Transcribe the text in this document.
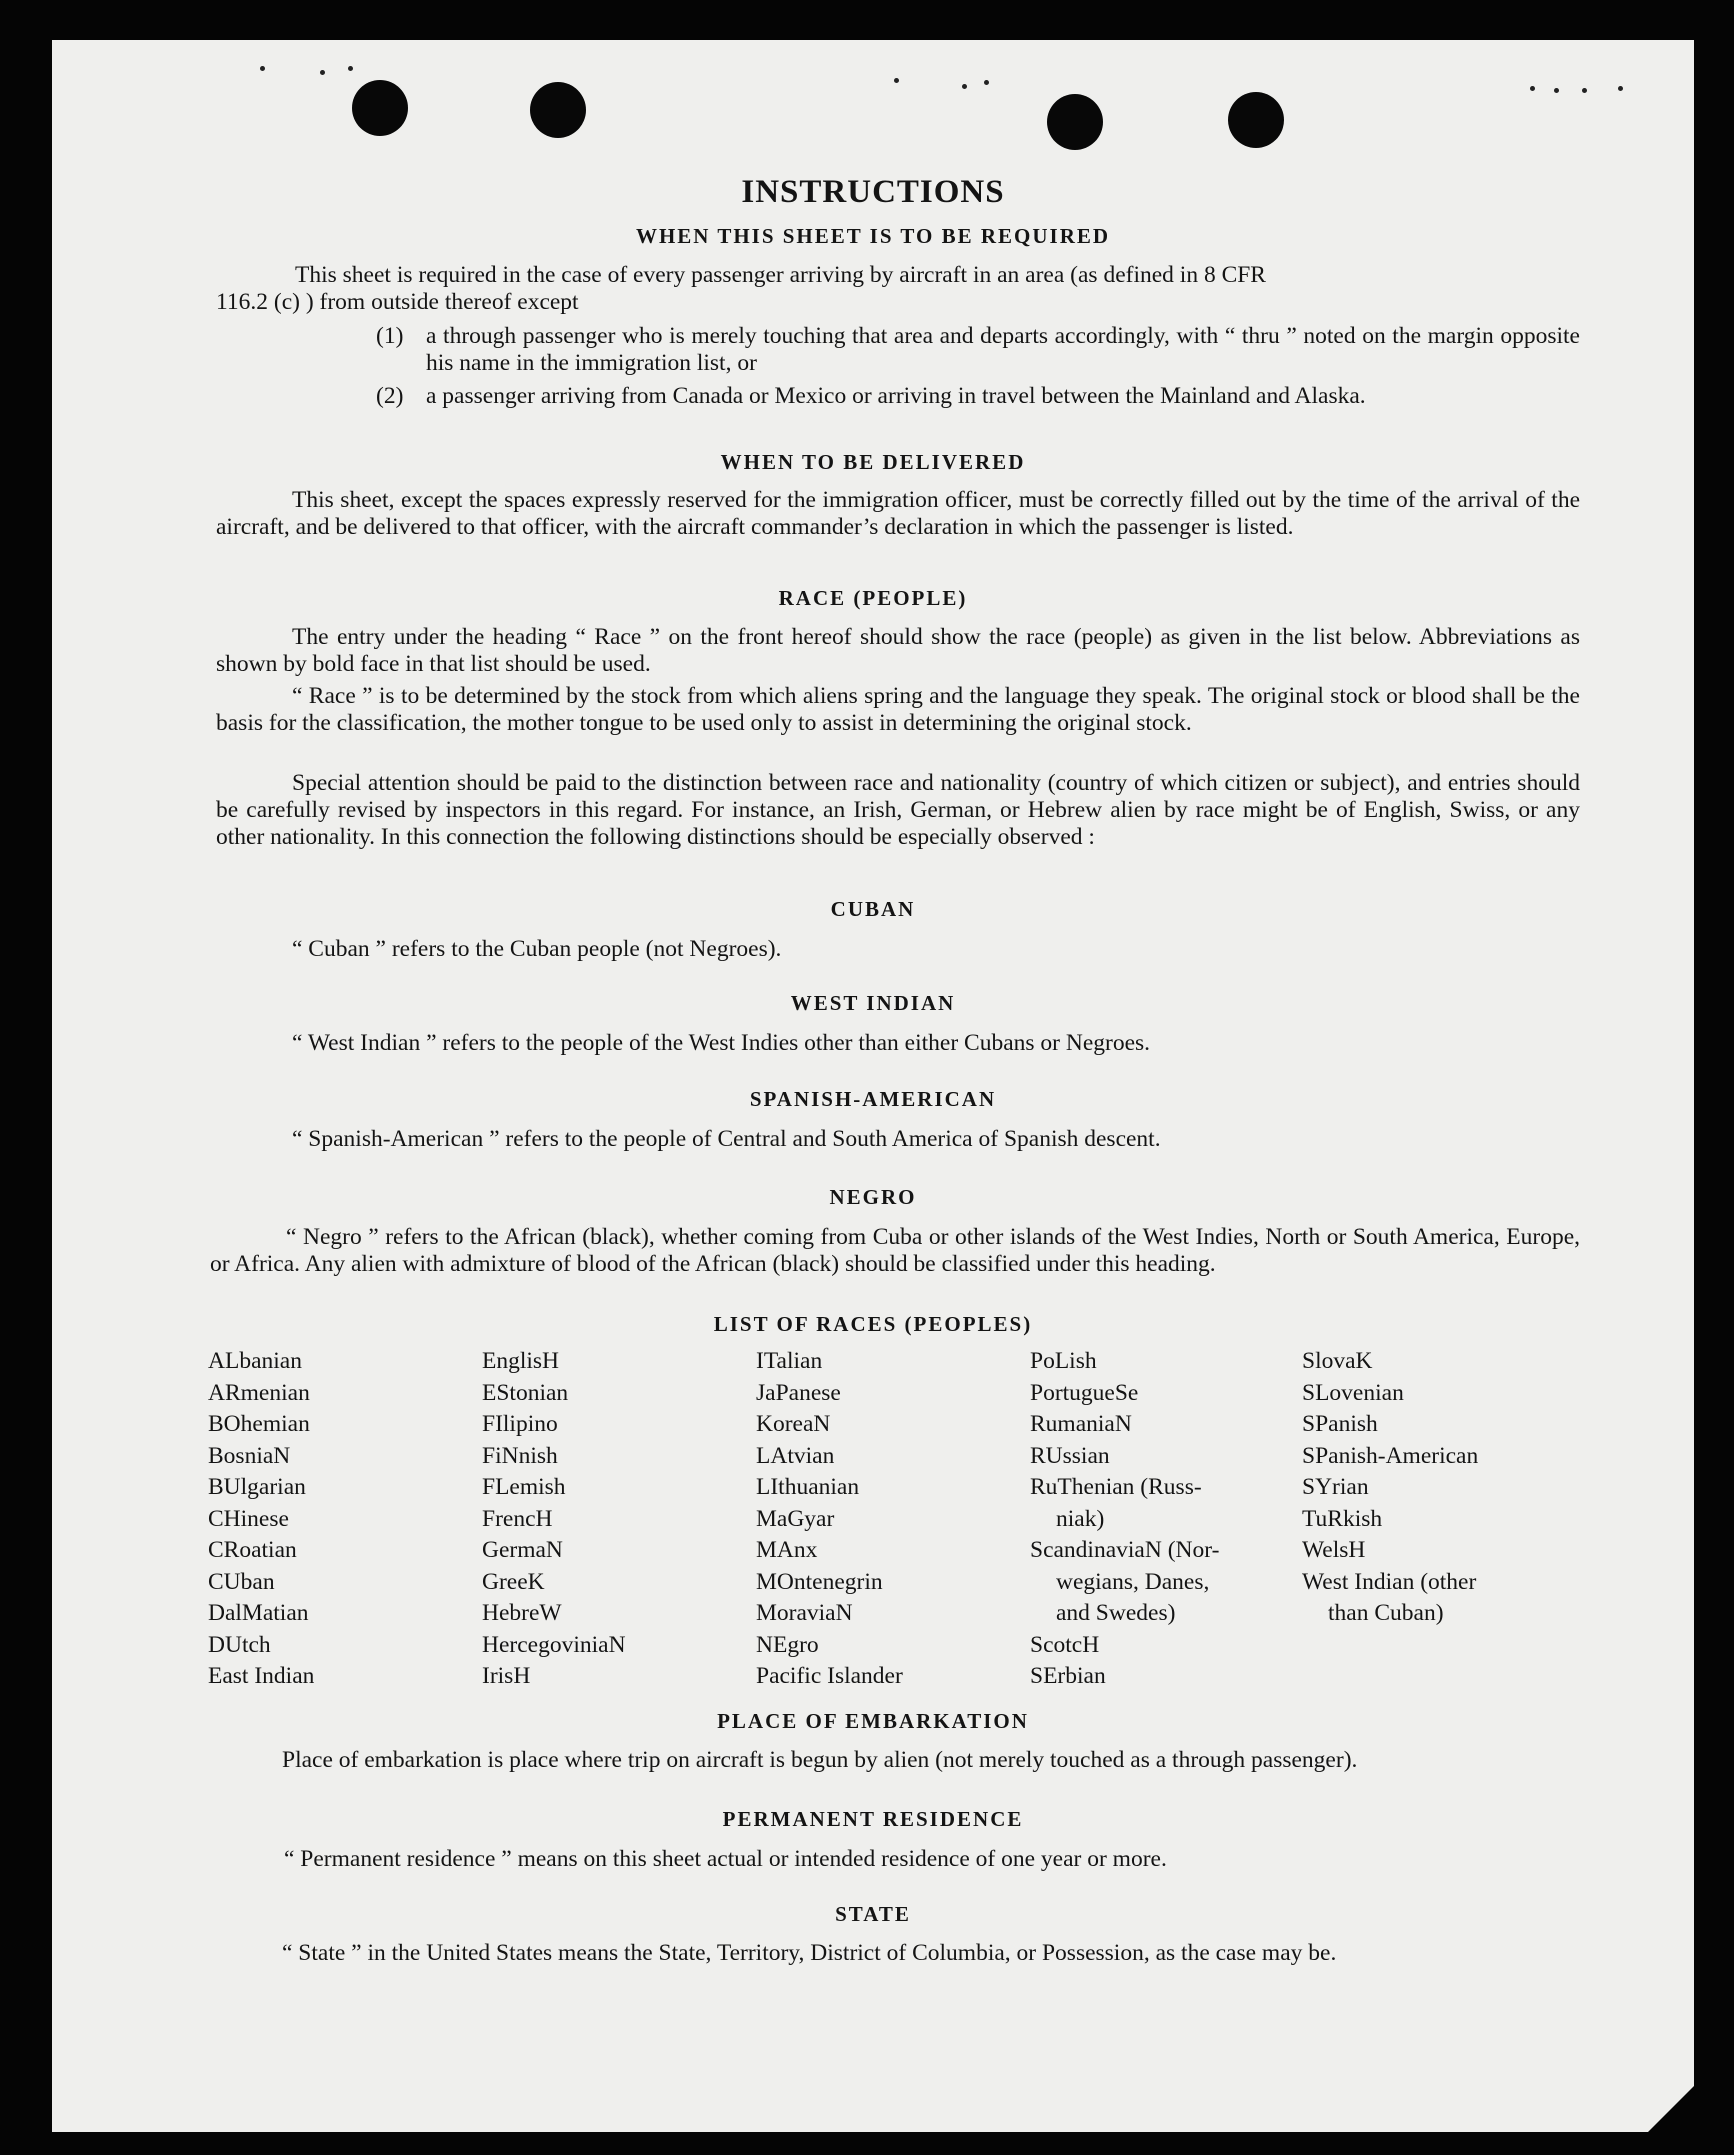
INSTRUCTIONS
WHEN THIS SHEET IS TO BE REQUIRED
This sheet is required in the case of every passenger arriving by aircraft in an area (as defined in 8 CFR
116.2 (c) ) from outside thereof except
(1) a through passenger who is merely touching that area and departs accordingly, with “ thru ” noted on the margin opposite his name in the immigration list, or
(2) a passenger arriving from Canada or Mexico or arriving in travel between the Mainland and Alaska.
WHEN TO BE DELIVERED
This sheet, except the spaces expressly reserved for the immigration officer, must be correctly filled out by the time of the arrival of the aircraft, and be delivered to that officer, with the aircraft commander’s declaration in which the passenger is listed.
RACE (PEOPLE)
The entry under the heading “ Race ” on the front hereof should show the race (people) as given in the list below. Abbreviations as shown by bold face in that list should be used.
“ Race ” is to be determined by the stock from which aliens spring and the language they speak. The original stock or blood shall be the basis for the classification, the mother tongue to be used only to assist in determining the original stock.
Special attention should be paid to the distinction between race and nationality (country of which citizen or subject), and entries should be carefully revised by inspectors in this regard. For instance, an Irish, German, or Hebrew alien by race might be of English, Swiss, or any other nationality. In this connection the following distinctions should be especially observed :
CUBAN
“ Cuban ” refers to the Cuban people (not Negroes).
WEST INDIAN
“ West Indian ” refers to the people of the West Indies other than either Cubans or Negroes.
SPANISH-AMERICAN
“ Spanish-American ” refers to the people of Central and South America of Spanish descent.
NEGRO
“ Negro ” refers to the African (black), whether coming from Cuba or other islands of the West Indies, North or South America, Europe, or Africa. Any alien with admixture of blood of the African (black) should be classified under this heading.
LIST OF RACES (PEOPLES)
ALbanian
ARmenian
BOhemian
BosniaN
BUlgarian
CHinese
CRoatian
CUban
DalMatian
DUtch
East Indian
EnglisH
EStonian
FIlipino
FiNnish
FLemish
FrencH
GermaN
GreeK
HebreW
HercegoviniaN
IrisH
ITalian
JaPanese
KoreaN
LAtvian
LIthuanian
MaGyar
MAnx
MOntenegrin
MoraviaN
NEgro
Pacific Islander
PoLish
PortugueSe
RumaniaN
RUssian
RuThenian (Russ-
niak)
ScandinaviaN (Nor-
wegians, Danes,
and Swedes)
ScotcH
SErbian
SlovaK
SLovenian
SPanish
SPanish-American
SYrian
TuRkish
WelsH
West Indian (other
than Cuban)
PLACE OF EMBARKATION
Place of embarkation is place where trip on aircraft is begun by alien (not merely touched as a through passenger).
PERMANENT RESIDENCE
“ Permanent residence ” means on this sheet actual or intended residence of one year or more.
STATE
“ State ” in the United States means the State, Territory, District of Columbia, or Possession, as the case may be.
